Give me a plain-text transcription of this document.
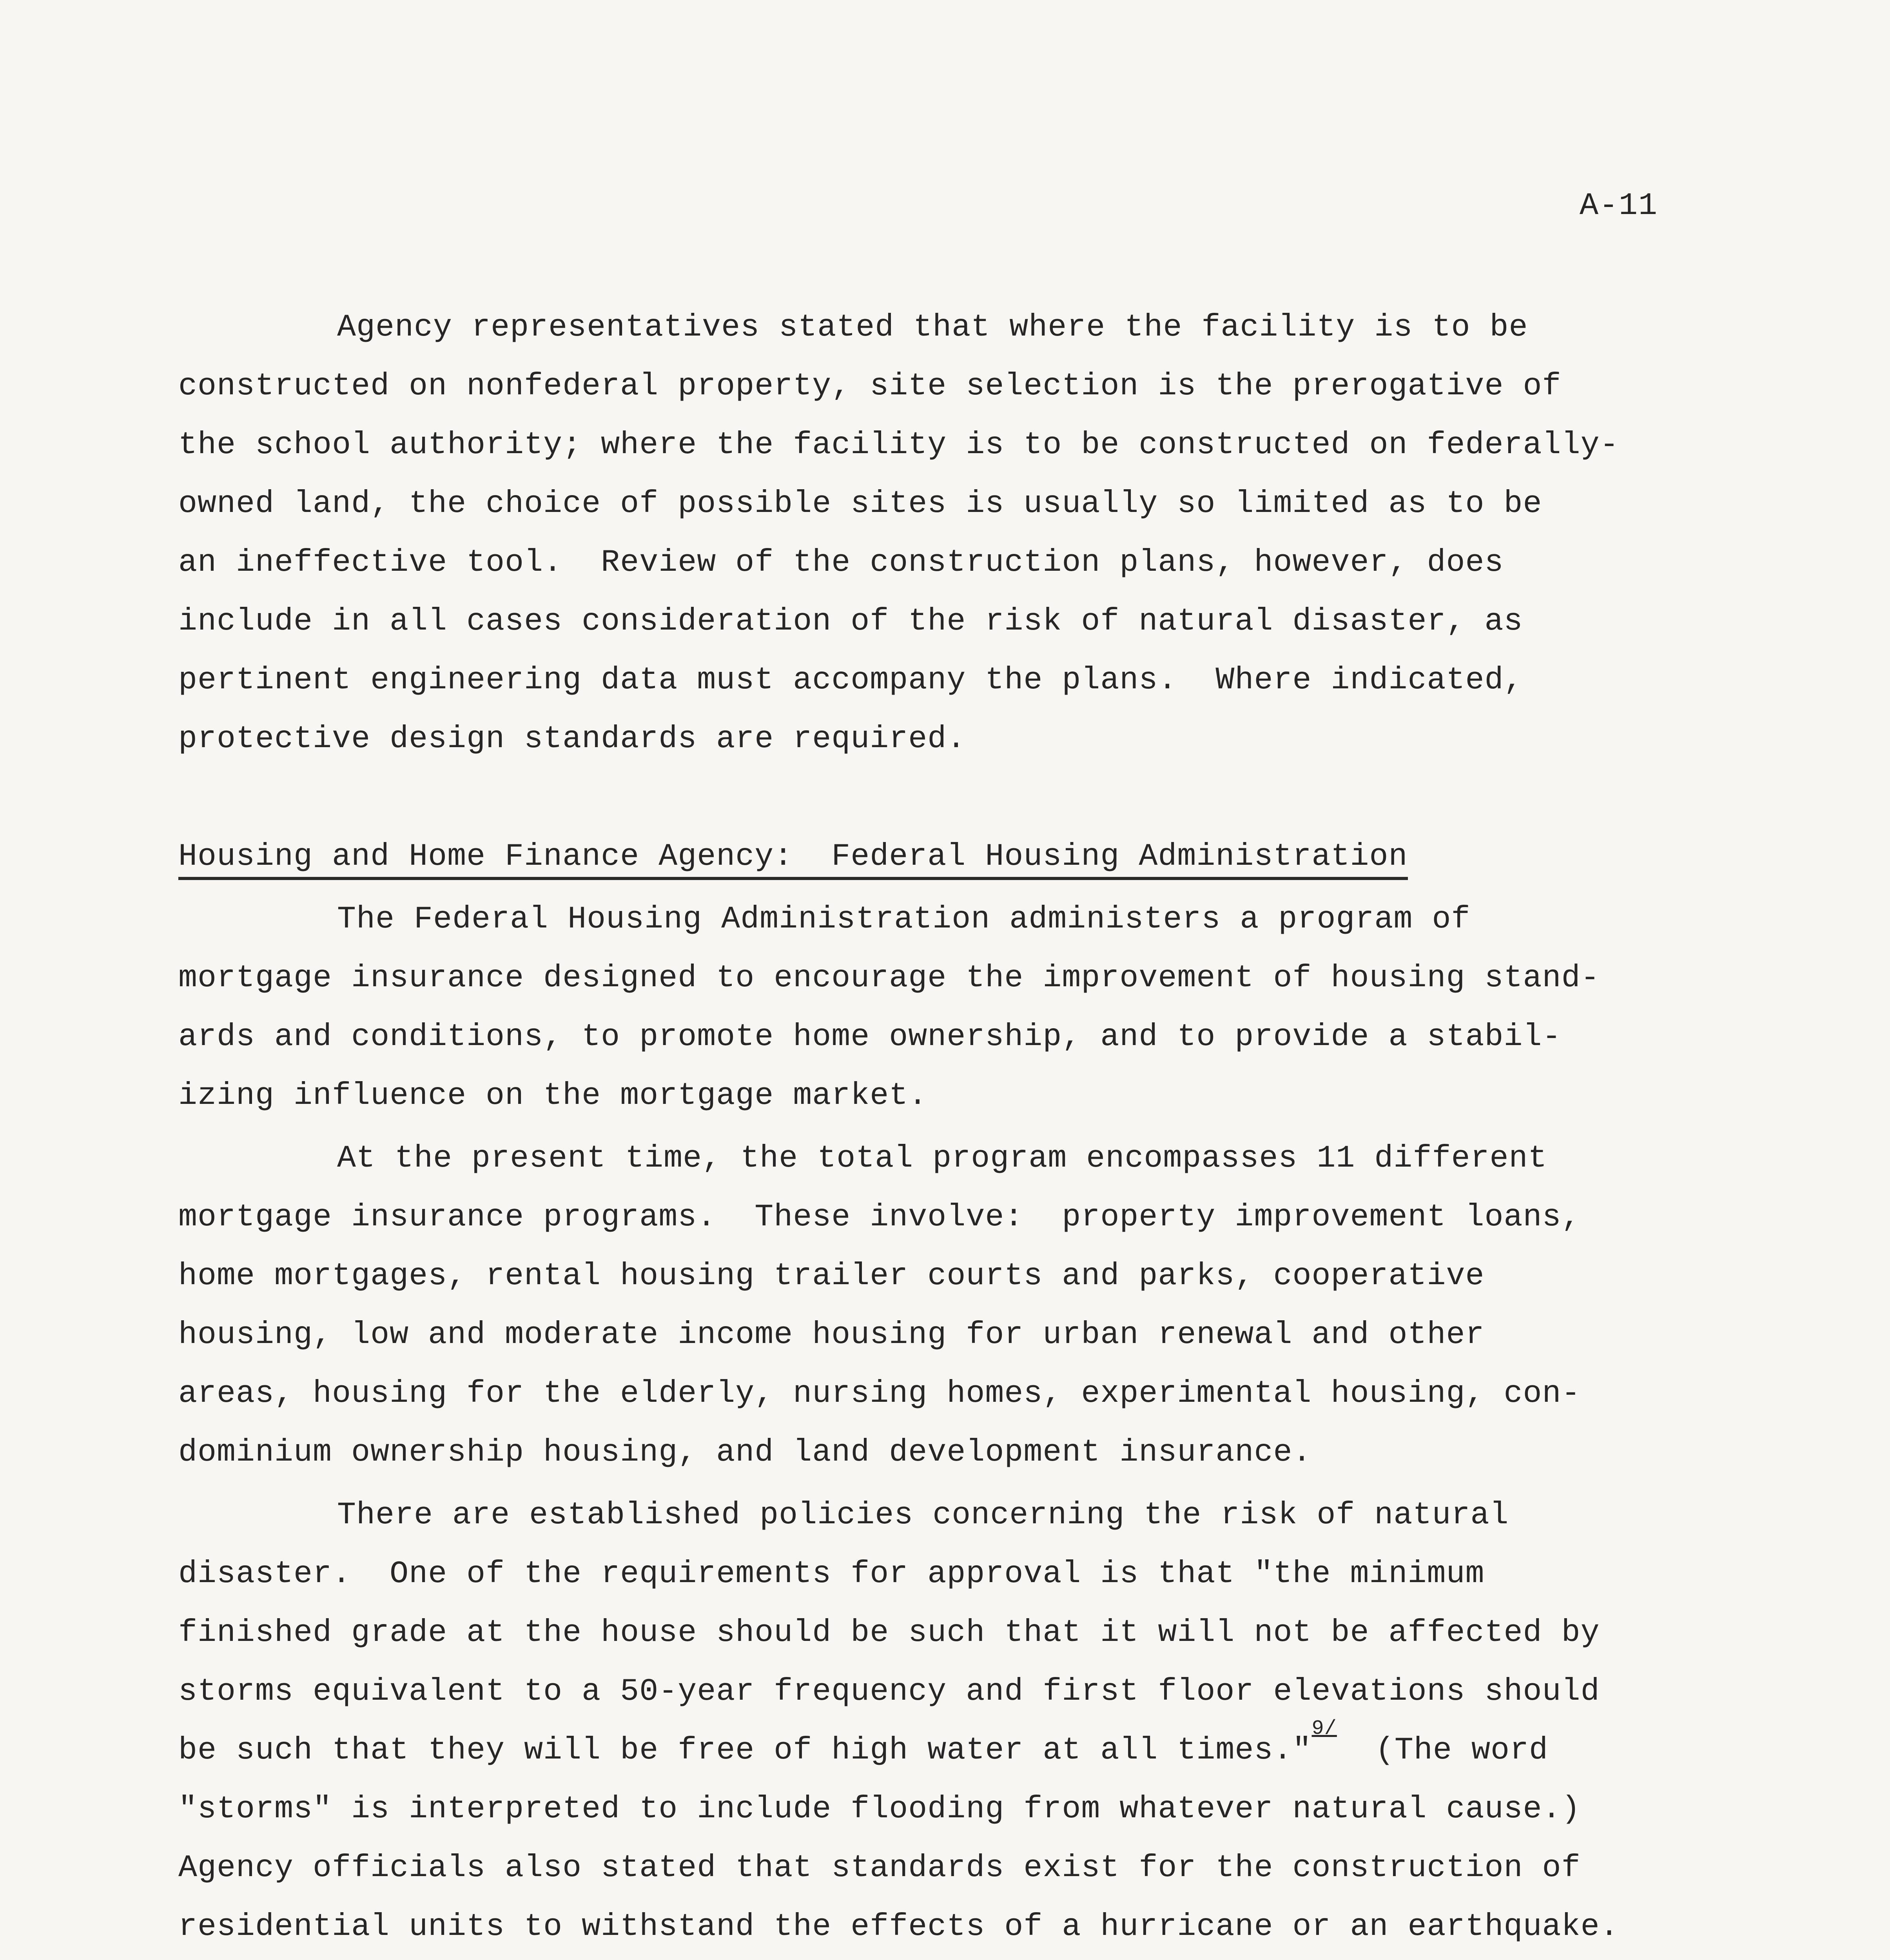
A-11
Agency representatives stated that where the facility is to be
constructed on nonfederal property, site selection is the prerogative of
the school authority; where the facility is to be constructed on federally-
owned land, the choice of possible sites is usually so limited as to be
an ineffective tool.  Review of the construction plans, however, does
include in all cases consideration of the risk of natural disaster, as
pertinent engineering data must accompany the plans.  Where indicated,
protective design standards are required.
Housing and Home Finance Agency:  Federal Housing Administration
The Federal Housing Administration administers a program of
mortgage insurance designed to encourage the improvement of housing stand-
ards and conditions, to promote home ownership, and to provide a stabil-
izing influence on the mortgage market.
At the present time, the total program encompasses 11 different
mortgage insurance programs.  These involve:  property improvement loans,
home mortgages, rental housing trailer courts and parks, cooperative
housing, low and moderate income housing for urban renewal and other
areas, housing for the elderly, nursing homes, experimental housing, con-
dominium ownership housing, and land development insurance.
There are established policies concerning the risk of natural
disaster.  One of the requirements for approval is that "the minimum
finished grade at the house should be such that it will not be affected by
storms equivalent to a 50-year frequency and first floor elevations should
be such that they will be free of high water at all times."$^{9/}$  (The word
"storms" is interpreted to include flooding from whatever natural cause.)
Agency officials also stated that standards exist for the construction of
residential units to withstand the effects of a hurricane or an earthquake.
